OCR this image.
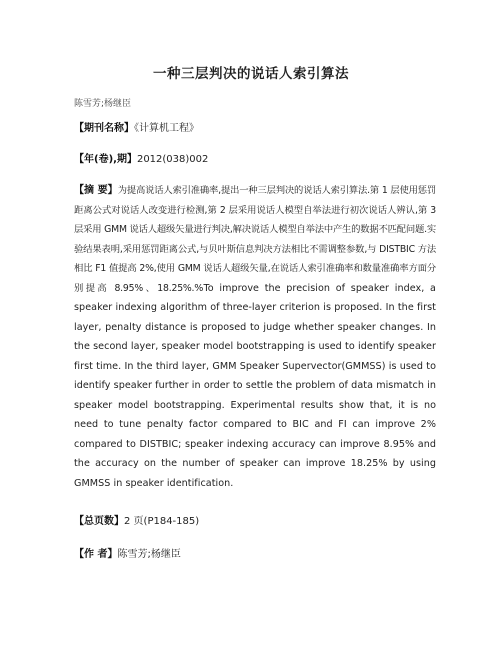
一种三层判决的说话人索引算法
陈雪芳;杨继臣
【期刊名称】《计算机工程》
【年(卷),期】2012(038)002
【摘 要】为提高说话人索引准确率,提出一种三层判决的说话人索引算法.第 1 层使用惩罚距离公式对说话人改变进行检测,第 2 层采用说话人模型自举法进行初次说话人辨认,第 3 层采用 GMM 说话人超级矢量进行判决,解决说话人模型自举法中产生的数据不匹配问题.实验结果表明,采用惩罚距离公式,与贝叶斯信息判决方法相比不需调整参数,与 DISTBIC 方法相比 F1 值提高 2%,使用 GMM 说话人超级矢量,在说话人索引准确率和数量准确率方面分别提高 8.95%、18.25%.%To improve the precision of speaker index, a speaker indexing algorithm of three-layer criterion is proposed. In the first layer, penalty distance is proposed to judge whether speaker changes. In the second layer, speaker model bootstrapping is used to identify speaker first time. In the third layer, GMM Speaker Supervector(GMMSS) is used to identify speaker further in order to settle the problem of data mismatch in speaker model bootstrapping. Experimental results show that, it is no need to tune penalty factor compared to BIC and FI can improve 2% compared to DISTBIC; speaker indexing accuracy can improve 8.95% and the accuracy on the number of speaker can improve 18.25% by using GMMSS in speaker identification.
【总页数】2 页(P184-185)
【作 者】陈雪芳;杨继臣
